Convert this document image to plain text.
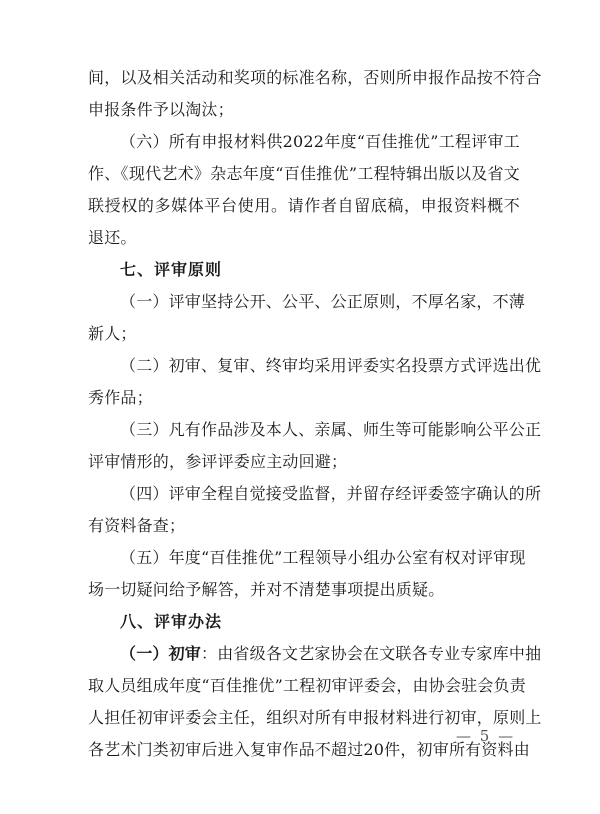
间，以及相关活动和奖项的标准名称，否则所申报作品按不符合
申报条件予以淘汰；
（六）所有申报材料供2022年度“百佳推优”工程评审工
作、《现代艺术》杂志年度“百佳推优”工程特辑出版以及省文
联授权的多媒体平台使用。请作者自留底稿，申报资料概不
退还。
七、评审原则
（一）评审坚持公开、公平、公正原则，不厚名家，不薄
新人；
（二）初审、复审、终审均采用评委实名投票方式评选出优
秀作品；
（三）凡有作品涉及本人、亲属、师生等可能影响公平公正
评审情形的，参评评委应主动回避；
（四）评审全程自觉接受监督，并留存经评委签字确认的所
有资料备查；
（五）年度“百佳推优”工程领导小组办公室有权对评审现
场一切疑问给予解答，并对不清楚事项提出质疑。
八、评审办法
（一）初审：由省级各文艺家协会在文联各专业专家库中抽
取人员组成年度“百佳推优”工程初审评委会，由协会驻会负责
人担任初审评委会主任，组织对所有申报材料进行初审，原则上
各艺术门类初审后进入复审作品不超过20件，初审所有资料由
— 5 —
